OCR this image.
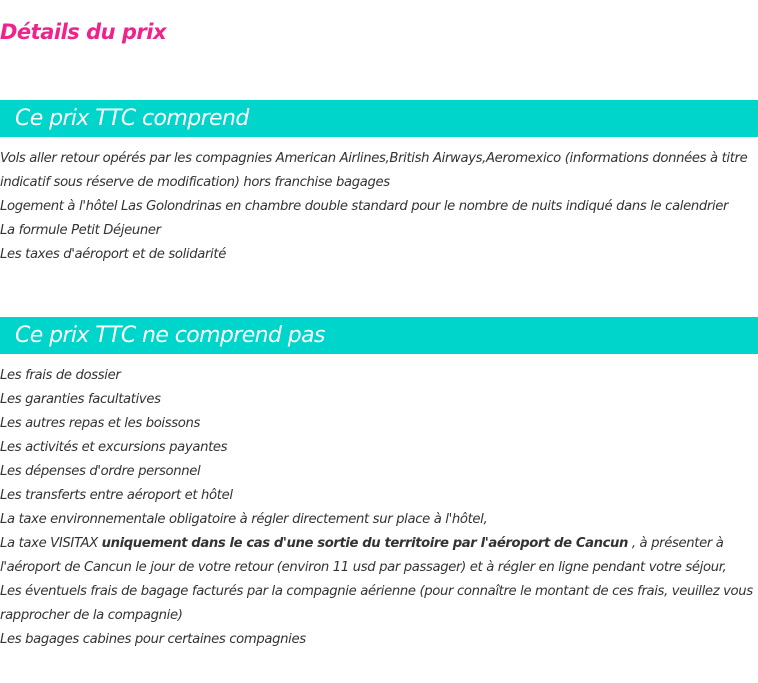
Détails du prix
Ce prix TTC comprend
Vols aller retour opérés par les compagnies American Airlines,British Airways,Aeromexico (informations données à titre indicatif sous réserve de modification) hors franchise bagages
Logement à l'hôtel Las Golondrinas en chambre double standard pour le nombre de nuits indiqué dans le calendrier
La formule Petit Déjeuner
Les taxes d'aéroport et de solidarité
Ce prix TTC ne comprend pas
Les frais de dossier
Les garanties facultatives
Les autres repas et les boissons
Les activités et excursions payantes
Les dépenses d'ordre personnel
Les transferts entre aéroport et hôtel
La taxe environnementale obligatoire à régler directement sur place à l'hôtel,
La taxe VISITAX uniquement dans le cas d'une sortie du territoire par l'aéroport de Cancun , à présenter à l'aéroport de Cancun le jour de votre retour (environ 11 usd par passager) et à régler en ligne pendant votre séjour,
Les éventuels frais de bagage facturés par la compagnie aérienne (pour connaître le montant de ces frais, veuillez vous rapprocher de la compagnie)
Les bagages cabines pour certaines compagnies
